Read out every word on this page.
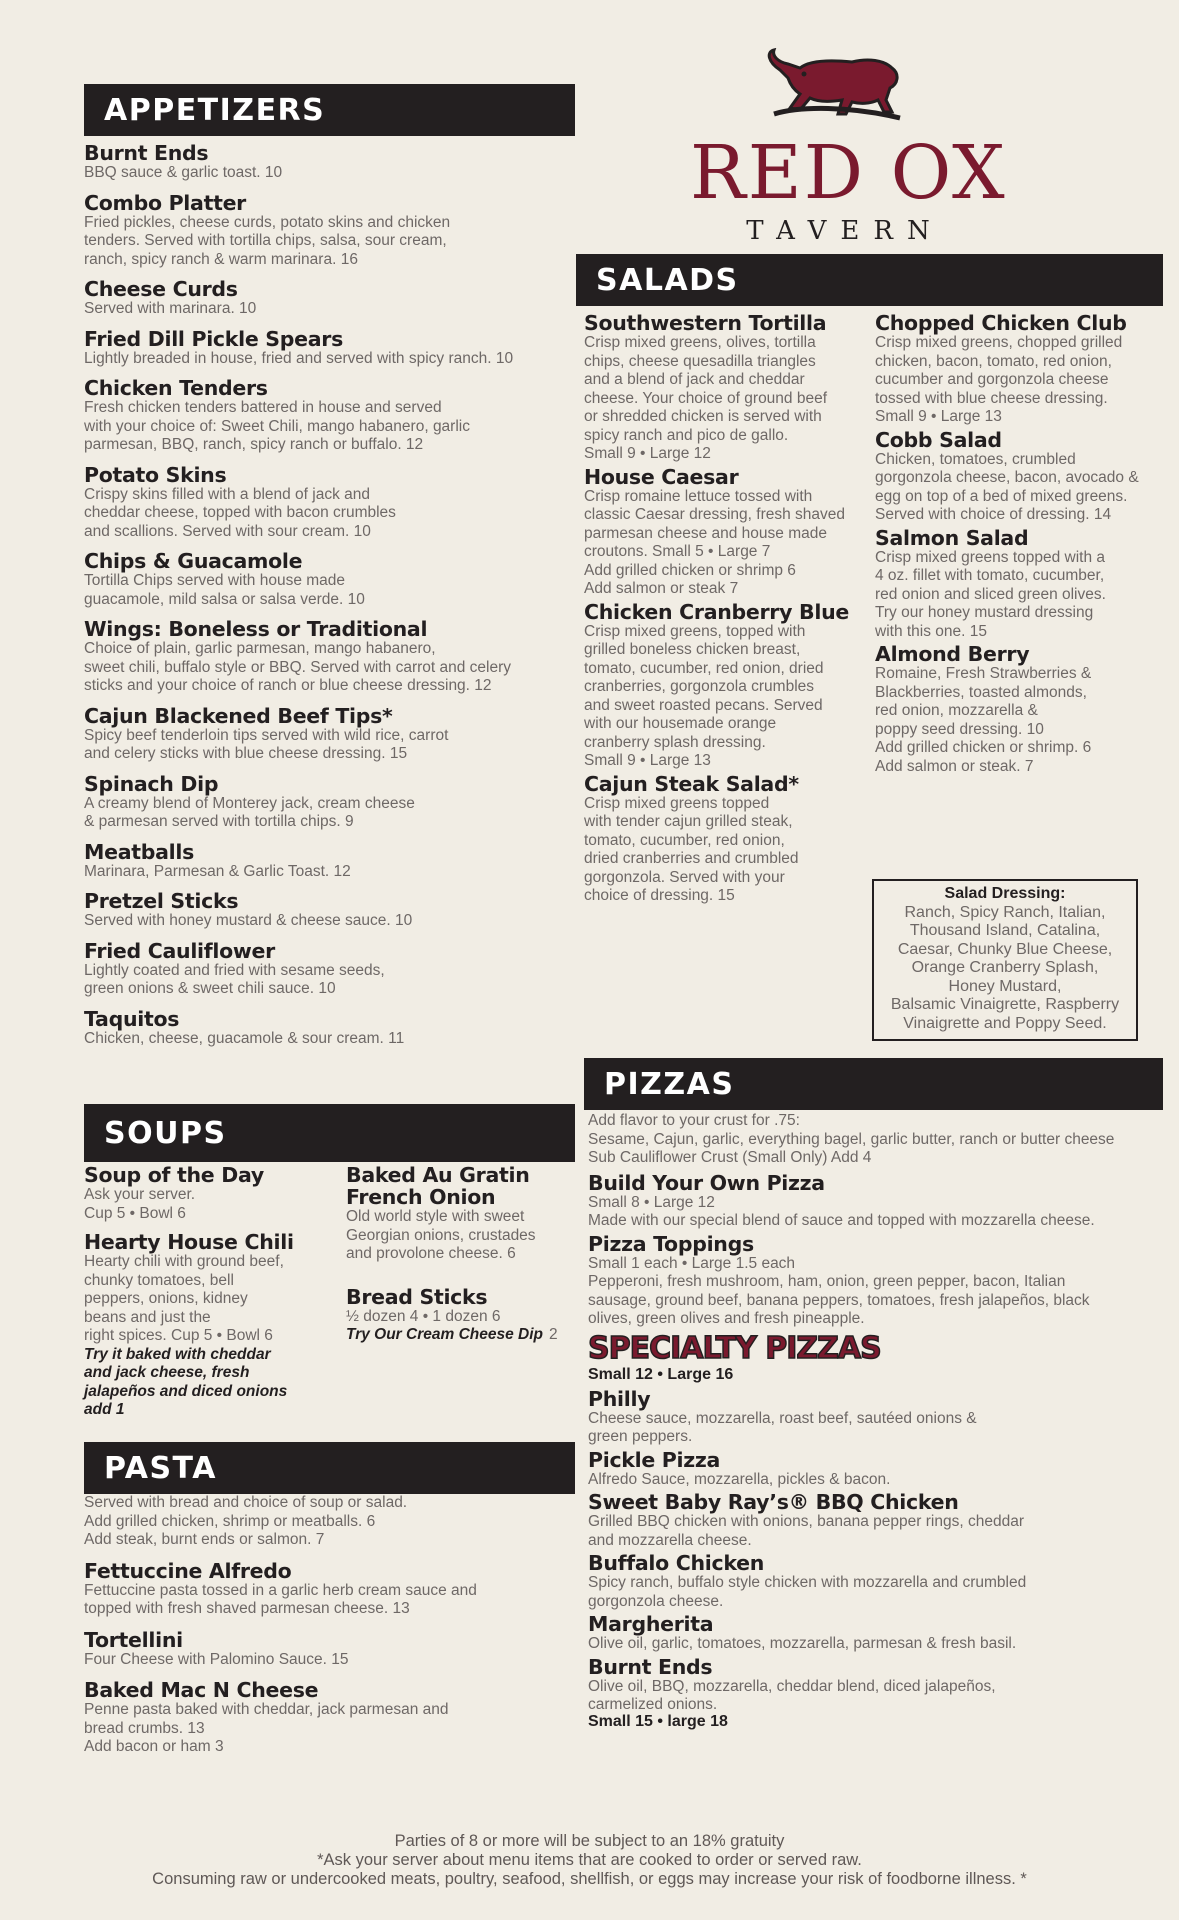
RED OX
TAVERN
APPETIZERS
Burnt Ends
BBQ sauce & garlic toast. 10
Combo Platter
Fried pickles, cheese curds, potato skins and chicken
tenders. Served with tortilla chips, salsa, sour cream,
ranch, spicy ranch & warm marinara. 16
Cheese Curds
Served with marinara. 10
Fried Dill Pickle Spears
Lightly breaded in house, fried and served with spicy ranch. 10
Chicken Tenders
Fresh chicken tenders battered in house and served
with your choice of: Sweet Chili, mango habanero, garlic
parmesan, BBQ, ranch, spicy ranch or buffalo. 12
Potato Skins
Crispy skins filled with a blend of jack and
cheddar cheese, topped with bacon crumbles
and scallions. Served with sour cream. 10
Chips & Guacamole
Tortilla Chips served with house made
guacamole, mild salsa or salsa verde. 10
Wings: Boneless or Traditional
Choice of plain, garlic parmesan, mango habanero,
sweet chili, buffalo style or BBQ. Served with carrot and celery
sticks and your choice of ranch or blue cheese dressing. 12
Cajun Blackened Beef Tips*
Spicy beef tenderloin tips served with wild rice, carrot
and celery sticks with blue cheese dressing. 15
Spinach Dip
A creamy blend of Monterey jack, cream cheese
& parmesan served with tortilla chips. 9
Meatballs
Marinara, Parmesan & Garlic Toast. 12
Pretzel Sticks
Served with honey mustard & cheese sauce. 10
Fried Cauliflower
Lightly coated and fried with sesame seeds,
green onions & sweet chili sauce. 10
Taquitos
Chicken, cheese, guacamole & sour cream. 11
SOUPS
Soup of the Day
Ask your server.
Cup 5 • Bowl 6
Hearty House Chili
Hearty chili with ground beef,
chunky tomatoes, bell
peppers, onions, kidney
beans and just the
right spices. Cup 5 • Bowl 6
Try it baked with cheddar
and jack cheese, fresh
jalapeños and diced onions
add 1
Baked Au Gratin
French Onion
Old world style with sweet
Georgian onions, crustades
and provolone cheese. 6
Bread Sticks
½ dozen 4 • 1 dozen 6
Try Our Cream Cheese Dip 2
PASTA
Served with bread and choice of soup or salad.
Add grilled chicken, shrimp or meatballs. 6
Add steak, burnt ends or salmon. 7
Fettuccine Alfredo
Fettuccine pasta tossed in a garlic herb cream sauce and
topped with fresh shaved parmesan cheese. 13
Tortellini
Four Cheese with Palomino Sauce. 15
Baked Mac N Cheese
Penne pasta baked with cheddar, jack parmesan and
bread crumbs. 13
Add bacon or ham 3
SALADS
Southwestern Tortilla
Crisp mixed greens, olives, tortilla
chips, cheese quesadilla triangles
and a blend of jack and cheddar
cheese. Your choice of ground beef
or shredded chicken is served with
spicy ranch and pico de gallo.
Small 9 • Large 12
House Caesar
Crisp romaine lettuce tossed with
classic Caesar dressing, fresh shaved
parmesan cheese and house made
croutons. Small 5 • Large 7
Add grilled chicken or shrimp 6
Add salmon or steak 7
Chicken Cranberry Blue
Crisp mixed greens, topped with
grilled boneless chicken breast,
tomato, cucumber, red onion, dried
cranberries, gorgonzola crumbles
and sweet roasted pecans. Served
with our housemade orange
cranberry splash dressing.
Small 9 • Large 13
Cajun Steak Salad*
Crisp mixed greens topped
with tender cajun grilled steak,
tomato, cucumber, red onion,
dried cranberries and crumbled
gorgonzola. Served with your
choice of dressing. 15
Chopped Chicken Club
Crisp mixed greens, chopped grilled
chicken, bacon, tomato, red onion,
cucumber and gorgonzola cheese
tossed with blue cheese dressing.
Small 9 • Large 13
Cobb Salad
Chicken, tomatoes, crumbled
gorgonzola cheese, bacon, avocado &
egg on top of a bed of mixed greens.
Served with choice of dressing. 14
Salmon Salad
Crisp mixed greens topped with a
4 oz. fillet with tomato, cucumber,
red onion and sliced green olives.
Try our honey mustard dressing
with this one. 15
Almond Berry
Romaine, Fresh Strawberries &
Blackberries, toasted almonds,
red onion, mozzarella &
poppy seed dressing. 10
Add grilled chicken or shrimp. 6
Add salmon or steak. 7
Salad Dressing:
Ranch, Spicy Ranch, Italian,
Thousand Island, Catalina,
Caesar, Chunky Blue Cheese,
Orange Cranberry Splash,
Honey Mustard,
Balsamic Vinaigrette, Raspberry
Vinaigrette and Poppy Seed.
PIZZAS
Add flavor to your crust for .75:
Sesame, Cajun, garlic, everything bagel, garlic butter, ranch or butter cheese
Sub Cauliflower Crust (Small Only) Add 4
Build Your Own Pizza
Small 8 • Large 12
Made with our special blend of sauce and topped with mozzarella cheese.
Pizza Toppings
Small 1 each • Large 1.5 each
Pepperoni, fresh mushroom, ham, onion, green pepper, bacon, Italian
sausage, ground beef, banana peppers, tomatoes, fresh jalapeños, black
olives, green olives and fresh pineapple.
SPECIALTY PIZZAS
Small 12 • Large 16
Philly
Cheese sauce, mozzarella, roast beef, sautéed onions &
green peppers.
Pickle Pizza
Alfredo Sauce, mozzarella, pickles & bacon.
Sweet Baby Ray’s® BBQ Chicken
Grilled BBQ chicken with onions, banana pepper rings, cheddar
and mozzarella cheese.
Buffalo Chicken
Spicy ranch, buffalo style chicken with mozzarella and crumbled
gorgonzola cheese.
Margherita
Olive oil, garlic, tomatoes, mozzarella, parmesan & fresh basil.
Burnt Ends
Olive oil, BBQ, mozzarella, cheddar blend, diced jalapeños,
carmelized onions.
Small 15 • large 18
Parties of 8 or more will be subject to an 18% gratuity
*Ask your server about menu items that are cooked to order or served raw.
Consuming raw or undercooked meats, poultry, seafood, shellfish, or eggs may increase your risk of foodborne illness. *
